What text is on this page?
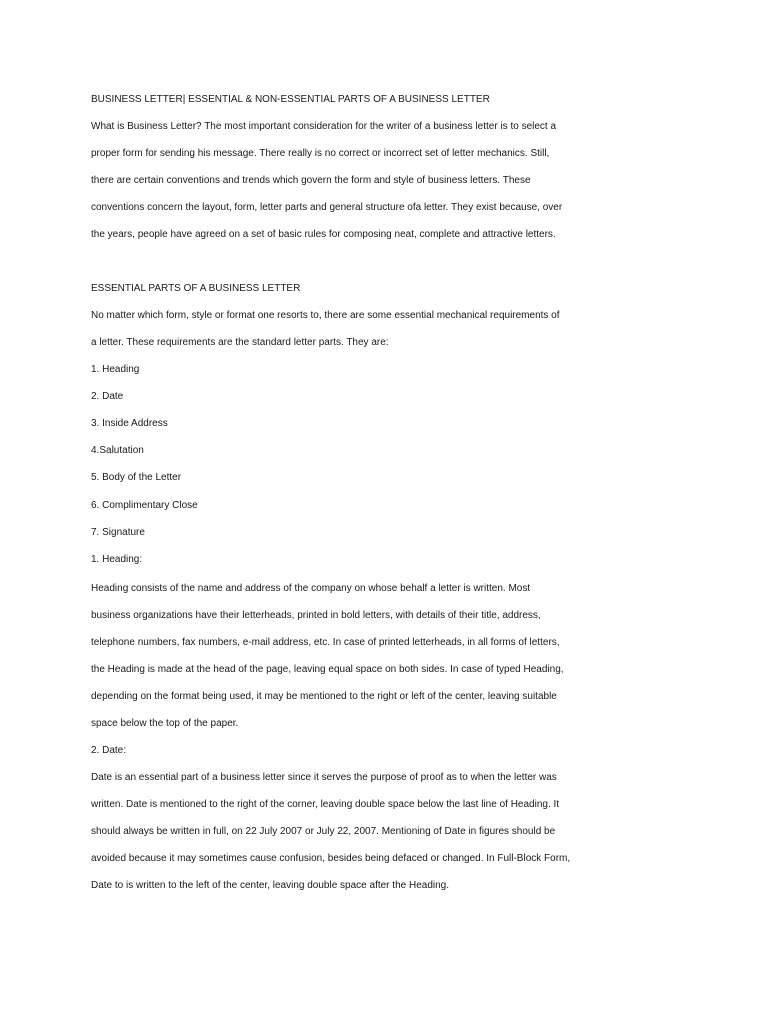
BUSINESS LETTER| ESSENTIAL & NON-ESSENTIAL PARTS OF A BUSINESS LETTER

What is Business Letter? The most important consideration for the writer of a business letter is to select a

proper form for sending his message. There really is no correct or incorrect set of letter mechanics. Still,

there are certain conventions and trends which govern the form and style of business letters. These

conventions concern the layout, form, letter parts and general structure ofa letter. They exist because, over

the years, people have agreed on a set of basic rules for composing neat, complete and attractive letters.

ESSENTIAL PARTS OF A BUSINESS LETTER

No matter which form, style or format one resorts to, there are some essential mechanical requirements of

a letter. These requirements are the standard letter parts. They are:

1. Heading

2. Date

3. Inside Address

4.Salutation

5. Body of the Letter

6. Complimentary Close

7. Signature

1. Heading:

Heading consists of the name and address of the company on whose behalf a letter is written. Most

business organizations have their letterheads, printed in bold letters, with details of their title, address,

telephone numbers, fax numbers, e-mail address, etc. In case of printed letterheads, in all forms of letters,

the Heading is made at the head of the page, leaving equal space on both sides. In case of typed Heading,

depending on the format being used, it may be mentioned to the right or left of the center, leaving suitable

space below the top of the paper.

2. Date:

Date is an essential part of a business letter since it serves the purpose of proof as to when the letter was

written. Date is mentioned to the right of the corner, leaving double space below the last line of Heading. It

should always be written in full, on 22 July 2007 or July 22, 2007. Mentioning of Date in figures should be

avoided because it may sometimes cause confusion, besides being defaced or changed. In Full-Block Form,

Date to is written to the left of the center, leaving double space after the Heading.
